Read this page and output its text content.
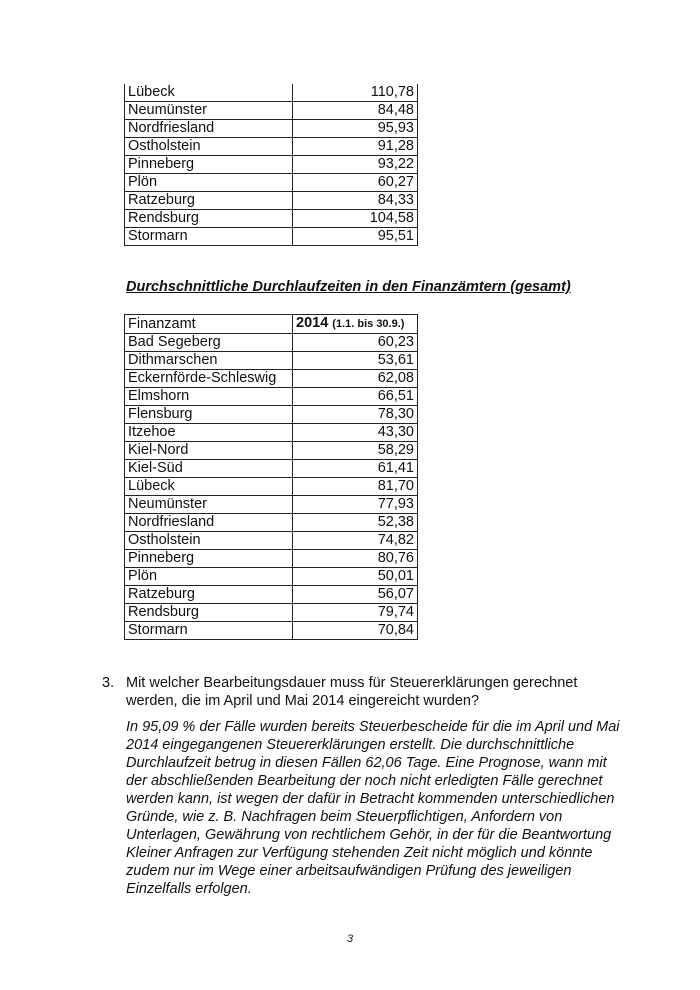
Lübeck	110,78
Neumünster	84,48
Nordfriesland	95,93
Ostholstein	91,28
Pinneberg	93,22
Plön	60,27
Ratzeburg	84,33
Rendsburg	104,58
Stormarn	95,51
Durchschnittliche Durchlaufzeiten in den Finanzämtern (gesamt)
Finanzamt	2014 (1.1. bis 30.9.)
Bad Segeberg	60,23
Dithmarschen	53,61
Eckernförde-Schleswig	62,08
Elmshorn	66,51
Flensburg	78,30
Itzehoe	43,30
Kiel-Nord	58,29
Kiel-Süd	61,41
Lübeck	81,70
Neumünster	77,93
Nordfriesland	52,38
Ostholstein	74,82
Pinneberg	80,76
Plön	50,01
Ratzeburg	56,07
Rendsburg	79,74
Stormarn	70,84
3. Mit welcher Bearbeitungsdauer muss für Steuererklärungen gerechnet werden, die im April und Mai 2014 eingereicht wurden?
In 95,09 % der Fälle wurden bereits Steuerbescheide für die im April und Mai 2014 eingegangenen Steuererklärungen erstellt. Die durchschnittliche Durchlaufzeit betrug in diesen Fällen 62,06 Tage. Eine Prognose, wann mit der abschließenden Bearbeitung der noch nicht erledigten Fälle gerechnet werden kann, ist wegen der dafür in Betracht kommenden unterschiedlichen Gründe, wie z. B. Nachfragen beim Steuerpflichtigen, Anfordern von Unterlagen, Gewährung von rechtlichem Gehör, in der für die Beantwortung Kleiner Anfragen zur Verfügung stehenden Zeit nicht möglich und könnte zudem nur im Wege einer arbeitsaufwändigen Prüfung des jeweiligen Einzelfalls erfolgen.
3
